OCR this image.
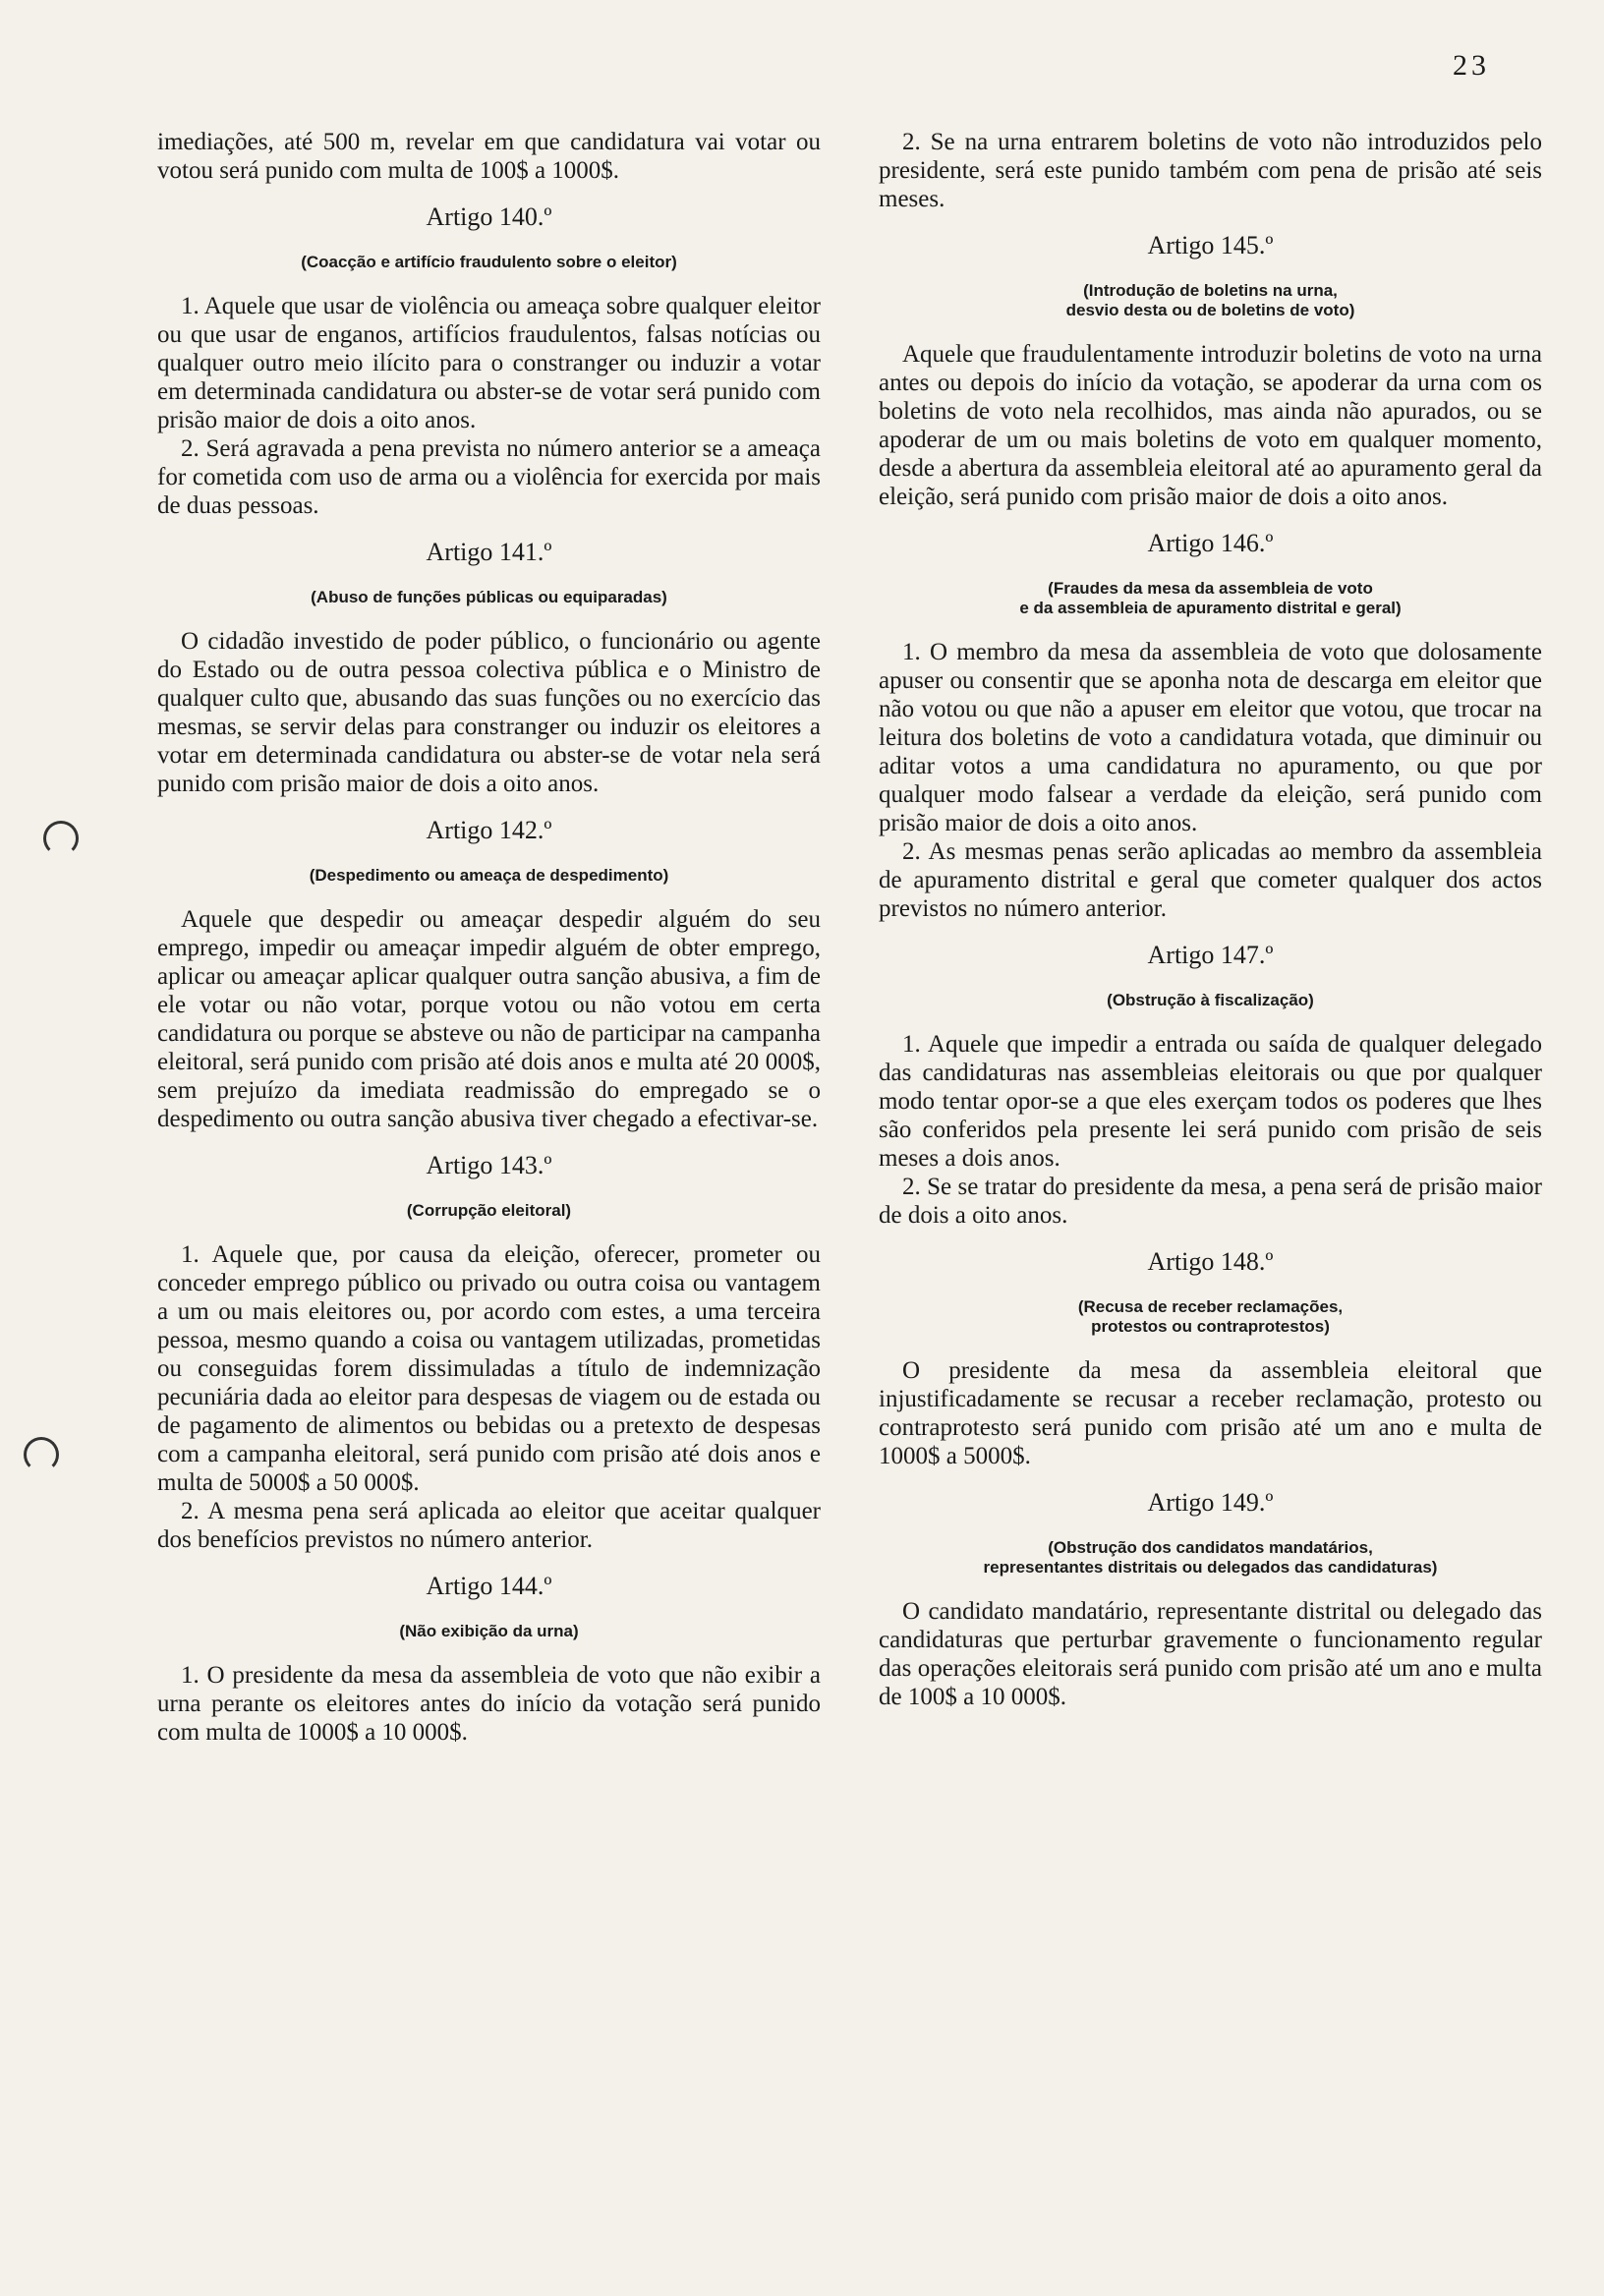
23

imediações, até 500 m, revelar em que candidatura vai votar ou votou será punido com multa de 100$ a 1000$.

Artigo 140.º
(Coacção e artifício fraudulento sobre o eleitor)

1. Aquele que usar de violência ou ameaça sobre qualquer eleitor ou que usar de enganos, artifícios fraudulentos, falsas notícias ou qualquer outro meio ilícito para o constranger ou induzir a votar em determinada candidatura ou abster-se de votar será punido com prisão maior de dois a oito anos.

2. Será agravada a pena prevista no número anterior se a ameaça for cometida com uso de arma ou a violência for exercida por mais de duas pessoas.

Artigo 141.º
(Abuso de funções públicas ou equiparadas)

O cidadão investido de poder público, o funcionário ou agente do Estado ou de outra pessoa colectiva pública e o Ministro de qualquer culto que, abusando das suas funções ou no exercício das mesmas, se servir delas para constranger ou induzir os eleitores a votar em determinada candidatura ou abster-se de votar nela será punido com prisão maior de dois a oito anos.

Artigo 142.º
(Despedimento ou ameaça de despedimento)

Aquele que despedir ou ameaçar despedir alguém do seu emprego, impedir ou ameaçar impedir alguém de obter emprego, aplicar ou ameaçar aplicar qualquer outra sanção abusiva, a fim de ele votar ou não votar, porque votou ou não votou em certa candidatura ou porque se absteve ou não de participar na campanha eleitoral, será punido com prisão até dois anos e multa até 20 000$, sem prejuízo da imediata readmissão do empregado se o despedimento ou outra sanção abusiva tiver chegado a efectivar-se.

Artigo 143.º
(Corrupção eleitoral)

1. Aquele que, por causa da eleição, oferecer, prometer ou conceder emprego público ou privado ou outra coisa ou vantagem a um ou mais eleitores ou, por acordo com estes, a uma terceira pessoa, mesmo quando a coisa ou vantagem utilizadas, prometidas ou conseguidas forem dissimuladas a título de indemnização pecuniária dada ao eleitor para despesas de viagem ou de estada ou de pagamento de alimentos ou bebidas ou a pretexto de despesas com a campanha eleitoral, será punido com prisão até dois anos e multa de 5000$ a 50 000$.

2. A mesma pena será aplicada ao eleitor que aceitar qualquer dos benefícios previstos no número anterior.

Artigo 144.º
(Não exibição da urna)

1. O presidente da mesa da assembleia de voto que não exibir a urna perante os eleitores antes do início da votação será punido com multa de 1000$ a 10 000$.

2. Se na urna entrarem boletins de voto não introduzidos pelo presidente, será este punido também com pena de prisão até seis meses.

Artigo 145.º
(Introdução de boletins na urna,
desvio desta ou de boletins de voto)

Aquele que fraudulentamente introduzir boletins de voto na urna antes ou depois do início da votação, se apoderar da urna com os boletins de voto nela recolhidos, mas ainda não apurados, ou se apoderar de um ou mais boletins de voto em qualquer momento, desde a abertura da assembleia eleitoral até ao apuramento geral da eleição, será punido com prisão maior de dois a oito anos.

Artigo 146.º
(Fraudes da mesa da assembleia de voto
e da assembleia de apuramento distrital e geral)

1. O membro da mesa da assembleia de voto que dolosamente apuser ou consentir que se aponha nota de descarga em eleitor que não votou ou que não a apuser em eleitor que votou, que trocar na leitura dos boletins de voto a candidatura votada, que diminuir ou aditar votos a uma candidatura no apuramento, ou que por qualquer modo falsear a verdade da eleição, será punido com prisão maior de dois a oito anos.

2. As mesmas penas serão aplicadas ao membro da assembleia de apuramento distrital e geral que cometer qualquer dos actos previstos no número anterior.

Artigo 147.º
(Obstrução à fiscalização)

1. Aquele que impedir a entrada ou saída de qualquer delegado das candidaturas nas assembleias eleitorais ou que por qualquer modo tentar opor-se a que eles exerçam todos os poderes que lhes são conferidos pela presente lei será punido com prisão de seis meses a dois anos.

2. Se se tratar do presidente da mesa, a pena será de prisão maior de dois a oito anos.

Artigo 148.º
(Recusa de receber reclamações,
protestos ou contraprotestos)

O presidente da mesa da assembleia eleitoral que injustificadamente se recusar a receber reclamação, protesto ou contraprotesto será punido com prisão até um ano e multa de 1000$ a 5000$.

Artigo 149.º
(Obstrução dos candidatos mandatários,
representantes distritais ou delegados das candidaturas)

O candidato mandatário, representante distrital ou delegado das candidaturas que perturbar gravemente o funcionamento regular das operações eleitorais será punido com prisão até um ano e multa de 100$ a 10 000$.
